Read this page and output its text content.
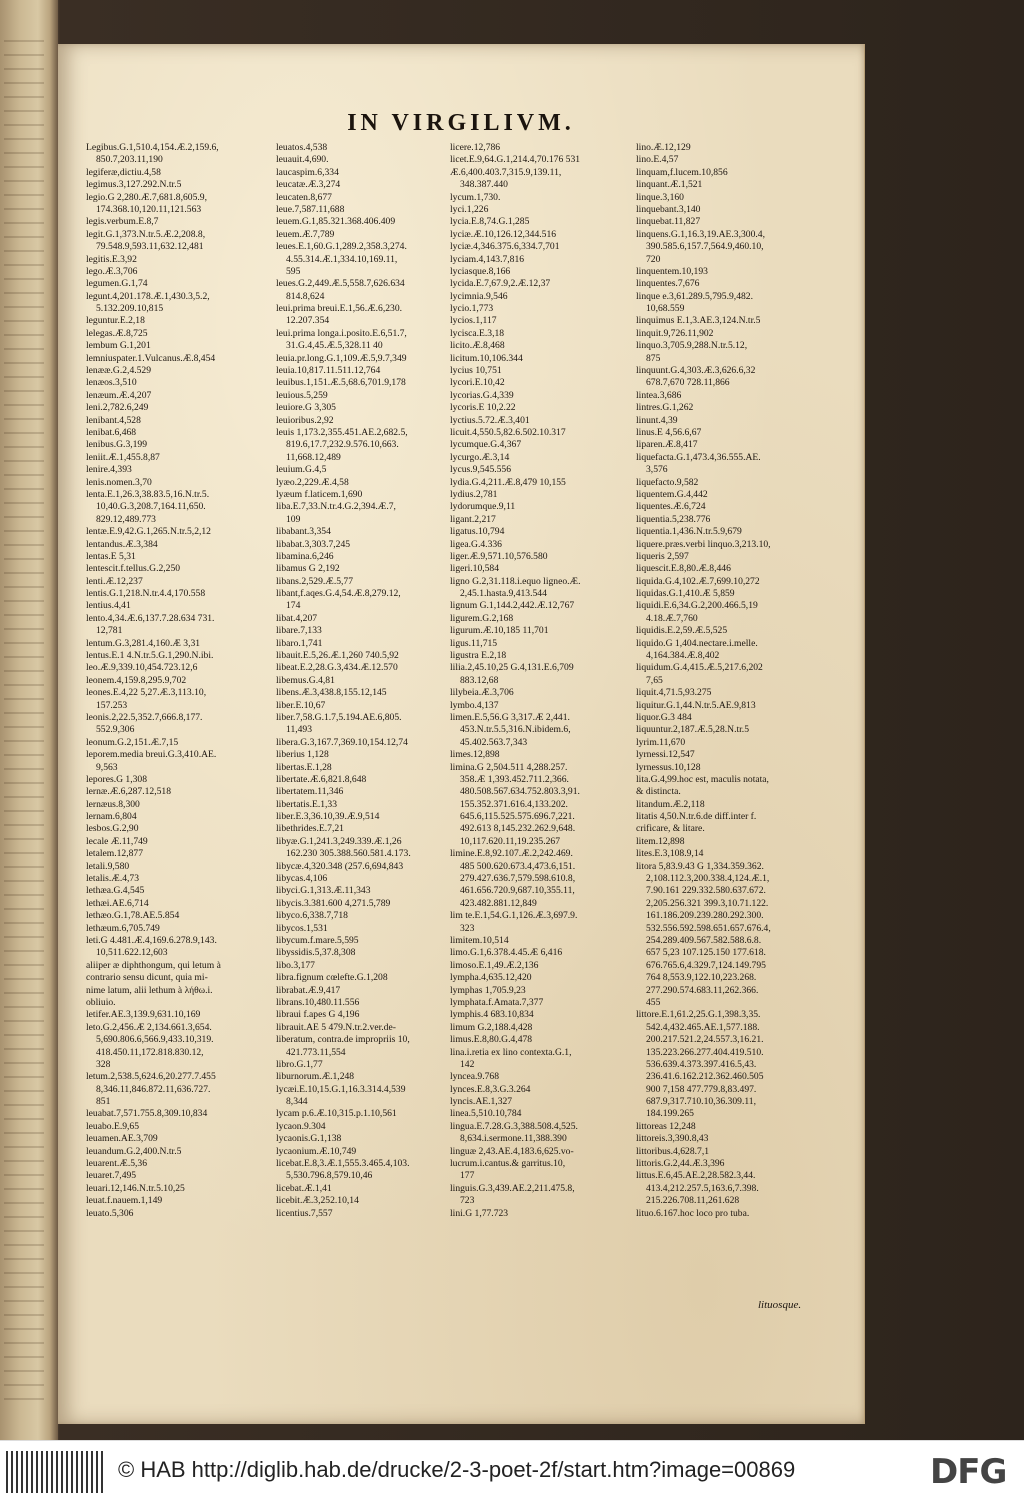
IN VIRGILIVM.
Legibus.G.1,510.4,154.Æ.2,159.6,
850.7,203.11,190
legiferæ,dictiu.4,58
legimus.3,127.292.N.tr.5
legio.G 2,280.Æ.7,681.8,605.9,
174.368.10,120.11,121.563
legis.verbum.E.8,7
legit.G.1,373.N.tr.5.Æ.2,208.8,
79.548.9,593.11,632.12,481
legitis.E.3,92
lego.Æ.3,706
legumen.G.1,74
legunt.4,201.178.Æ.1,430.3,5.2,
5.132.209.10,815
leguntur.E.2,18
lelegas.Æ.8,725
lembum G.1,201
lemniuspater.1.Vulcanus.Æ.8,454
lenææ.G.2,4.529
lenæos.3,510
lenæum.Æ.4,207
leni.2,782.6,249
lenibant.4,528
lenibat.6,468
lenibus.G.3,199
leniit.Æ.1,455.8,87
lenire.4,393
lenis.nomen.3,70
lenta.E.1,26.3,38.83.5,16.N.tr.5.
10,40.G.3,208.7,164.11,650.
829.12,489.773
lentæ.E.9,42.G.1,265.N.tr.5,2,12
lentandus.Æ.3,384
lentas.E 5,31
lentescit.f.tellus.G.2,250
lenti.Æ.12,237
lentis.G.1,218.N.tr.4.4,170.558
lentius.4,41
lento.4,34.Æ.6,137.7.28.634 731.
12,781
lentum.G.3,281.4,160.Æ 3,31
lentus.E.1 4.N.tr.5.G.1,290.N.ibi.
leo.Æ.9,339.10,454.723.12,6
leonem.4,159.8,295.9,702
leones.E.4,22 5,27.Æ.3,113.10,
157.253
leonis.2,22.5,352.7,666.8,177.
552.9,306
leonum.G.2,151.Æ.7,15
leporem.media breui.G.3,410.AE.
9,563
lepores.G 1,308
lernæ.Æ.6,287.12,518
lernæus.8,300
lernam.6,804
lesbos.G.2,90
lecale Æ.11,749
letalem.12,877
letali.9,580
letalis.Æ.4,73
lethæa.G.4,545
lethæi.AE.6,714
lethæo.G.1,78.AE.5.854
lethæum.6,705.749
leti.G 4.481.Æ.4,169.6.278.9,143.
10,511.622.12,603
aliiper æ diphthongum, qui letum à
contrario sensu dicunt, quia mi-
nime latum, alii lethum à λήθω.i.
obliuio.
letifer.AE.3,139.9,631.10,169
leto.G.2,456.Æ 2,134.661.3,654.
5,690.806.6,566.9,433.10,319.
418.450.11,172.818.830.12,
328
letum.2,538.5,624.6,20.277.7.455
8,346.11,846.872.11,636.727.
851
leuabat.7,571.755.8,309.10,834
leuabo.E.9,65
leuamen.AE.3,709
leuandum.G.2,400.N.tr.5
leuarent.Æ.5,36
leuaret.7,495
leuari.12,146.N.tr.5.10,25
leuat.f.nauem.1,149
leuato.5,306
leuatos.4,538
leuauit.4,690.
laucaspim.6,334
leucatæ.Æ.3,274
leucaten.8,677
leue.7,587.11,688
leuem.G.1,85.321.368.406.409
leuem.Æ.7,789
leues.E.1,60.G.1,289.2,358.3,274.
4.55.314.Æ.1,334.10,169.11,
595
leues.G.2,449.Æ.5,558.7,626.634
814.8,624
leui.prima breui.E.1,56.Æ.6,230.
12.207.354
leui.prima longa.i.posito.E.6,51.7,
31.G.4,45.Æ.5,328.11 40
leuia.pr.long.G.1,109.Æ.5,9.7,349
leuia.10,817.11.511.12,764
leuibus.1,151.Æ.5,68.6,701.9,178
leuious.5,259
leuiore.G 3,305
leuioribus.2,92
leuis 1,173.2,355.451.AE.2,682.5,
819.6,17.7,232.9.576.10,663.
11,668.12,489
leuium.G.4,5
lyæo.2,229.Æ.4,58
lyæum f.laticem.1,690
liba.E.7,33.N.tr.4.G.2,394.Æ.7,
109
libabant.3,354
libabat.3,303.7,245
libamina.6,246
libamus G 2,192
libans.2,529.Æ.5,77
libant,f.aqes.G.4,54.Æ.8,279.12,
174
libat.4,207
libare.7,133
libaro.1,741
libauit.E.5,26.Æ.1,260 740.5,92
libeat.E.2,28.G.3,434.Æ.12.570
libemus.G.4,81
libens.Æ.3,438.8,155.12,145
liber.E.10,67
liber.7,58.G.1.7,5.194.AE.6,805.
11,493
libera.G.3,167.7,369.10,154.12,74
liberius 1,128
libertas.E.1,28
libertate.Æ.6,821.8,648
libertatem.11,346
libertatis.E.1,33
liber.E.3,36.10,39.Æ.9,514
libethrides.E.7,21
libyæ.G.1,241.3,249.339.Æ.1,26
162.230 305.388.560.581.4.173.
libycæ.4,320.348 (257.6,694,843
libycas.4,106
libyci.G.1,313.Æ.11,343
libycis.3.381.600 4,271.5,789
libyco.6,338.7,718
libycos.1,531
libycum.f.mare.5,595
libyssidis.5,37.8,308
libo.3,177
libra.fignum cœlefte.G.1,208
librabat.Æ.9,417
librans.10,480.11.556
libraui f.apes G 4,196
librauit.AE 5 479.N.tr.2.ver.de-
liberatum, contra.de impropriis 10,
421.773.11,554
libro.G.1,77
liburnorum.Æ.1,248
lycæi.E.10,15.G.1,16.3.314.4,539
8,344
lycam p.6.Æ.10,315.p.1.10,561
lycaon.9.304
lycaonis.G.1,138
lycaonium.Æ.10,749
licebat.E.8,3.Æ.1,555.3.465.4,103.
5,530.796.8,579.10,46
licebat.Æ.1,41
licebit.Æ.3,252.10,14
licentius.7,557
licere.12,786
licet.E.9,64.G.1,214.4,70.176 531
Æ.6,400.403.7,315.9,139.11,
348.387.440
lycum.1,730.
lyci.1,226
lycia.E.8,74.G.1,285
lyciæ.Æ.10,126.12,344.516
lyciæ.4,346.375.6,334.7,701
lyciam.4,143.7,816
lyciasque.8,166
lycida.E.7,67.9,2.Æ.12,37
lycimnia.9,546
lycio.1,773
lycios.1,117
lycisca.E.3,18
licito.Æ.8,468
licitum.10,106.344
lycius 10,751
lycori.E.10,42
lycorias.G.4,339
lycoris.E 10,2.22
lyctius.5.72.Æ.3,401
licuit.4,550.5,82.6.502.10.317
lycumque.G.4,367
lycurgo.Æ.3,14
lycus.9,545.556
lydia.G.4,211.Æ.8,479 10,155
lydius.2,781
lydorumque.9,11
ligant.2,217
ligatus.10,794
ligea.G.4.336
liger.Æ.9,571.10,576.580
ligeri.10,584
ligno G.2,31.118.i.equo ligneo.Æ.
2,45.1.hasta.9,413.544
lignum G.1,144.2,442.Æ.12,767
ligurem.G.2,168
ligurum.Æ.10,185 11,701
ligus.11,715
ligustra E.2,18
lilia.2,45.10,25 G.4,131.E.6,709
883.12,68
lilybeia.Æ.3,706
lymbo.4,137
limen.E.5,56.G 3,317.Æ 2,441.
453.N.tr.5.5,316.N.ibidem.6,
45.402.563.7,343
limes.12,898
limina.G 2,504.511 4,288.257.
358.Æ 1,393.452.711.2,366.
480.508.567.634.752.803.3,91.
155.352.371.616.4,133.202.
645.6,115.525.575.696.7,221.
492.613 8,145.232.262.9,648.
10,117.620.11,19.235.267
limine.E.8,92.107.Æ.2,242.469.
485 500.620.673.4,473.6,151.
279.427.636.7,579.598.610.8,
461.656.720.9,687.10,355.11,
423.482.881.12,849
lim te.E.1,54.G.1,126.Æ.3,697.9.
323
limitem.10,514
limo.G.1,6.378.4.45.Æ 6,416
limoso.E.1,49.Æ.2,136
lympha.4,635.12,420
lymphas 1,705.9,23
lymphata.f.Amata.7,377
lymphis.4 683.10,834
limum G.2,188.4,428
limus.E.8,80.G.4,478
lina.i.retia ex lino contexta.G.1,
142
lyncea.9.768
lynces.E.8,3.G.3.264
lyncis.AE.1,327
linea.5,510.10,784
lingua.E.7.28.G.3,388.508.4,525.
8,634.i.sermone.11,388.390
linguæ 2,43.AE.4,183.6,625.vo-
lucrum.i.cantus.& garritus.10,
177
linguis.G.3,439.AE.2,211.475.8,
723
lini.G 1,77.723
lino.Æ.12,129
lino.E.4,57
linquam,f.lucem.10,856
linquant.Æ.1,521
linque.3,160
linquebant.3,140
linquebat.11,827
linquens.G.1,16.3,19.AE.3,300.4,
390.585.6,157.7,564.9,460.10,
720
linquentem.10,193
linquentes.7,676
linque e.3,61.289.5,795.9,482.
10,68.559
linquimus E.1,3.AE.3,124.N.tr.5
linquit.9,726.11,902
linquo.3,705.9,288.N.tr.5.12,
875
linquunt.G.4,303.Æ.3,626.6,32
678.7,670 728.11,866
lintea.3,686
lintres.G.1,262
linunt.4,39
linus.E 4,56.6,67
liparen.Æ.8,417
liquefacta.G.1,473.4,36.555.AE.
3,576
liquefacto.9,582
liquentem.G.4,442
liquentes.Æ.6,724
liquentia.5,238.776
liquentia.1,436.N.tr.5.9,679
liquere.præs.verbi linquo.3,213.10,
liqueris 2,597
liquescit.E.8,80.Æ.8,446
liquida.G.4,102.Æ.7,699.10,272
liquidas.G.1,410.Æ 5,859
liquidi.E.6,34.G.2,200.466.5,19
4.18.Æ.7,760
liquidis.E.2,59.Æ.5,525
liquido.G 1,404.nectare.i.melle.
4,164.384.Æ.8,402
liquidum.G.4,415.Æ.5,217.6,202
7,65
liquit.4,71.5,93.275
liquitur.G.1,44.N.tr.5.AE.9,813
liquor.G.3 484
liquuntur.2,187.Æ.5,28.N.tr.5
lyrim.11,670
lyrnessi.12,547
lyrnessus.10,128
lita.G.4,99.hoc est, maculis notata,
& distincta.
litandum.Æ.2,118
litatis 4,50.N.tr.6.de diff.inter f.
crificare, & litare.
litem.12,898
lites.E.3,108.9,14
litora 5,83.9.43 G 1,334.359.362.
2,108.112.3,200.338.4,124.Æ.1,
7.90.161 229.332.580.637.672.
2,205.256.321 399.3,10.71.122.
161.186.209.239.280.292.300.
532.556.592.598.651.657.676.4,
254.289.409.567.582.588.6.8.
657 5,23 107.125.150 177.618.
676.765.6,4.329.7,124.149.795
764 8,553.9,122.10,223.268.
277.290.574.683.11,262.366.
455
littore.E.1,61.2,25.G.1,398.3,35.
542.4,432.465.AE.1,577.188.
200.217.521.2,24.557.3,16.21.
135.223.266.277.404.419.510.
536.639.4.373.397.416.5,43.
236.41.6.162.212.362.460.505
900 7,158 477.779.8,83.497.
687.9,317.710.10,36.309.11,
184.199.265
littoreas 12,248
littoreis.3,390.8,43
littoribus.4,628.7,1
littoris.G.2,44.Æ.3,396
littus.E.6,45.AE.2,28.582.3,44.
413.4,212.257.5,163.6,7.398.
215.226.708.11,261.628
lituo.6.167.hoc loco pro tuba.
lituosque.
© HAB http://diglib.hab.de/drucke/2-3-poet-2f/start.htm?image=00869	DFG
